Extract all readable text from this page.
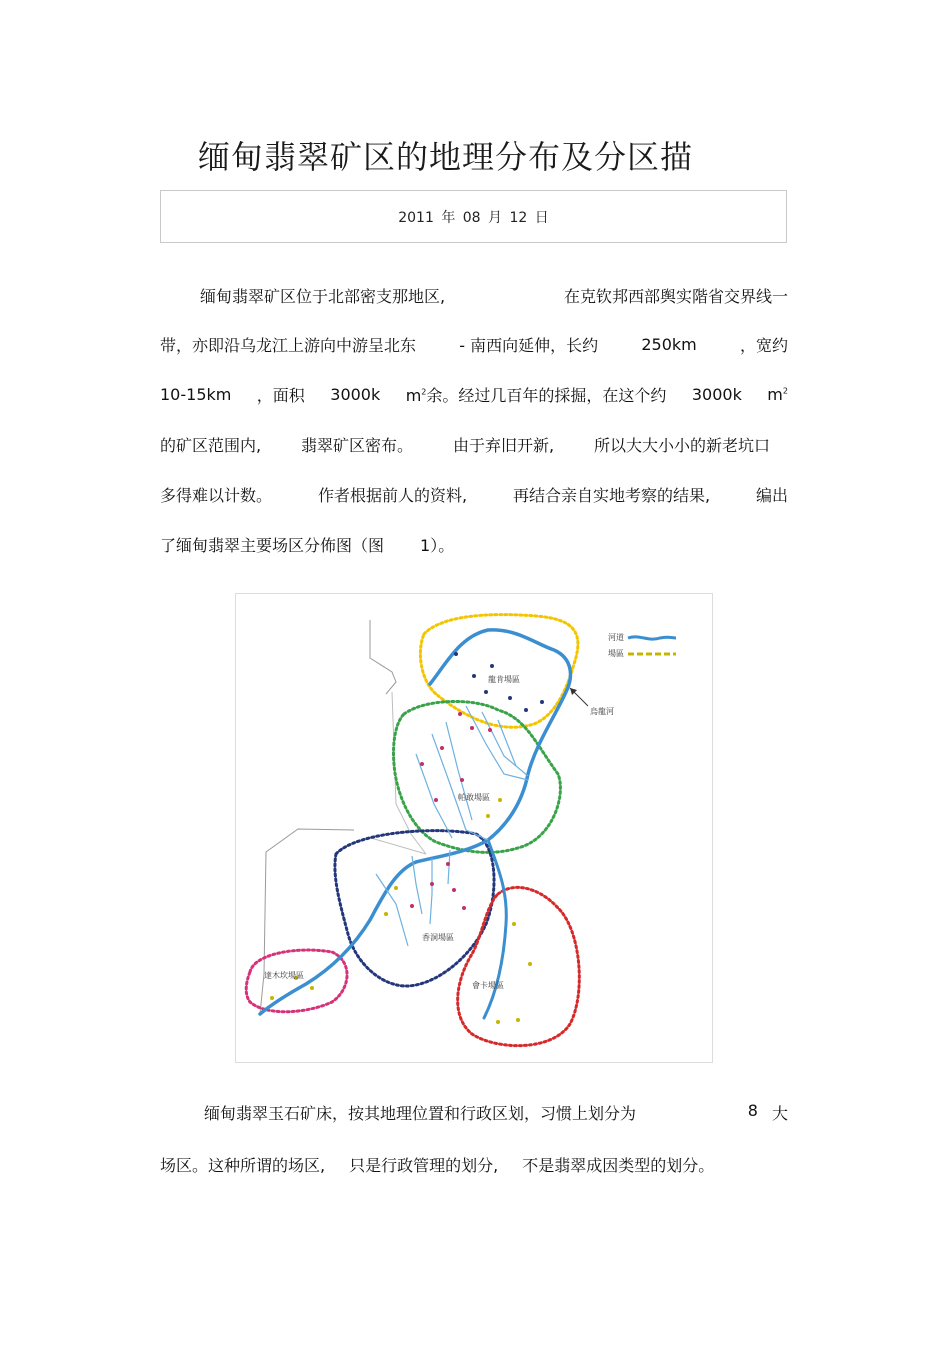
缅甸翡翠矿区的地理分布及分区描
2011 年 08 月 12 日
缅甸翡翠矿区位于北部密支那地区,	在克钦邦西部舆实階省交界线一
带，亦即沿乌龙江上游向中游呈北东	- 南西向延伸，长约	250km	，宽约
10-15km ，面积 3000k $m^2$余。经过几百年的採掘，在这个约 3000k $m^2$
的矿区范围内, 翡翠矿区密布。 由于弃旧开新, 所以大大小小的新老坑口
多得难以计数。	作者根据前人的资料,	再结合亲自实地考察的结果,	编出
了缅甸翡翠主要场区分佈图（图 1）。
河道
場區
龍肯場區
烏龍河
帕敢場區
香洞場區
達木坎場區
會卡場區
缅甸翡翠玉石矿床，按其地理位置和行政区划，习惯上划分为	8 大
场区。这种所谓的场区, 只是行政管理的划分, 不是翡翠成因类型的划分。
